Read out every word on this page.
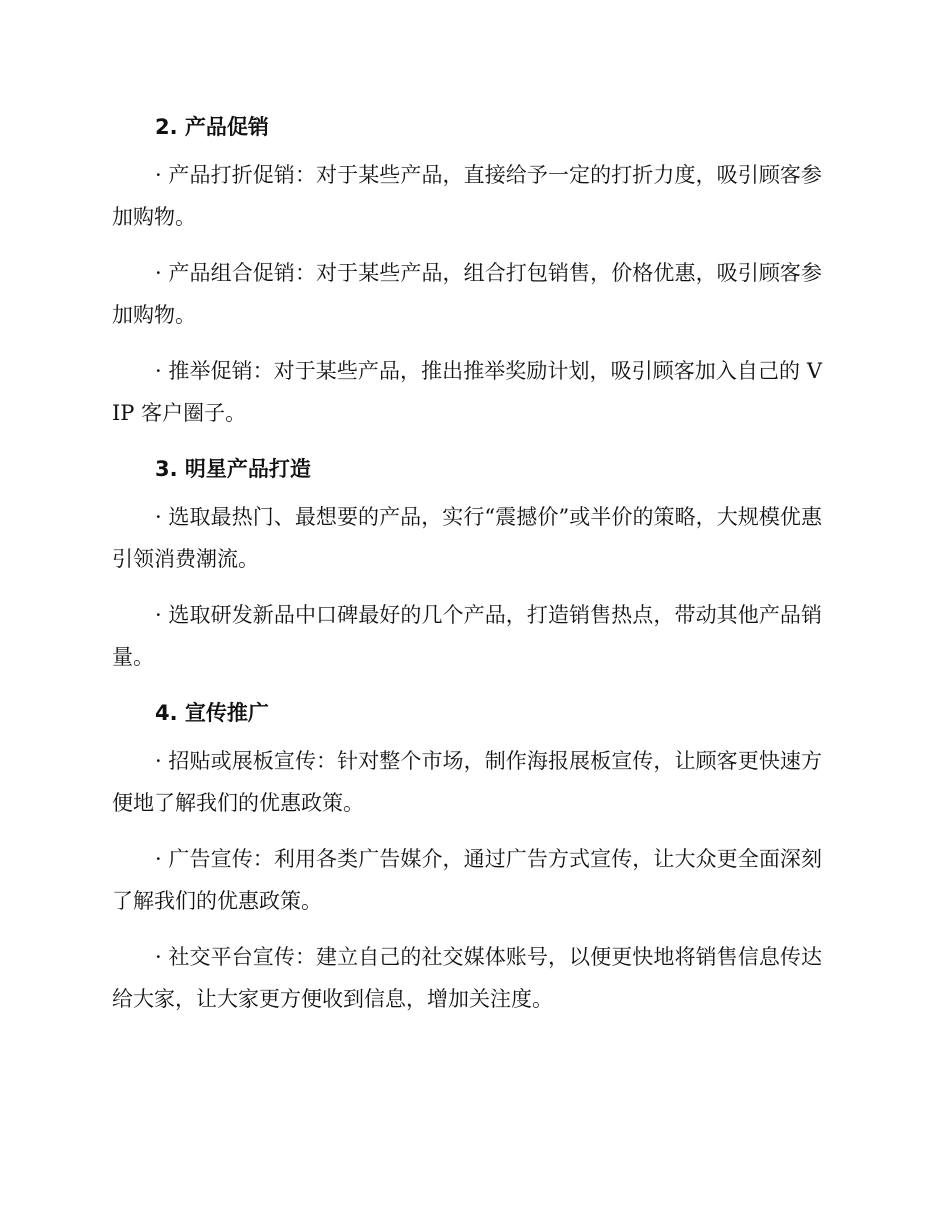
2. 产品促销

· 产品打折促销：对于某些产品，直接给予一定的打折力度，吸引顾客参加购物。

· 产品组合促销：对于某些产品，组合打包销售，价格优惠，吸引顾客参加购物。

· 推举促销：对于某些产品，推出推举奖励计划，吸引顾客加入自己的 VIP 客户圈子。

3. 明星产品打造

· 选取最热门、最想要的产品，实行“震撼价”或半价的策略，大规模优惠引领消费潮流。

· 选取研发新品中口碑最好的几个产品，打造销售热点，带动其他产品销量。

4. 宣传推广

· 招贴或展板宣传：针对整个市场，制作海报展板宣传，让顾客更快速方便地了解我们的优惠政策。

· 广告宣传：利用各类广告媒介，通过广告方式宣传，让大众更全面深刻了解我们的优惠政策。

· 社交平台宣传：建立自己的社交媒体账号，以便更快地将销售信息传达给大家，让大家更方便收到信息，增加关注度。
